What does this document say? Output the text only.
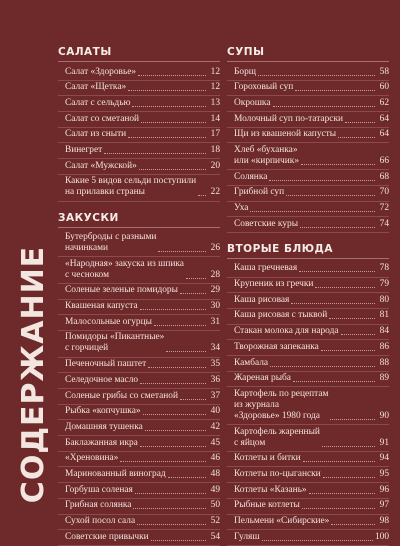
СОДЕРЖАНИЕ
САЛАТЫ
Салат «Здоровье»	12
Салат «Щетка»	12
Салат с сельдью	13
Салат со сметаной	14
Салат из сныти	17
Винегрет	18
Салат «Мужской»	20
Какие 5 видов сельди поступили
на прилавки страны	22
ЗАКУСКИ
Бутерброды с разными
начинками	26
«Народная» закуска из шпика
с чесноком	28
Соленые зеленые помидоры	29
Квашеная капуста	30
Малосольные огурцы	31
Помидоры «Пикантные»
с горчицей	34
Печеночный паштет	35
Селедочное масло	36
Соленые грибы со сметаной	37
Рыбка «копчушка»	40
Домашняя тушенка	42
Баклажанная икра	45
«Хреновина»	46
Маринованный виноград	48
Горбуша соленая	49
Грибная солянка	50
Сухой посол сала	52
Советские привычки	54
СУПЫ
Борщ	58
Гороховый суп	60
Окрошка	62
Молочный суп по-татарски	64
Щи из квашеной капусты	64
Хлеб «буханка»
или «кирпичик»	66
Солянка	68
Грибной суп	70
Уха	72
Советские куры	74
ВТОРЫЕ БЛЮДА
Каша гречневая	78
Крупеник из гречки	79
Каша рисовая	80
Каша рисовая с тыквой	81
Стакан молока для народа	84
Творожная запеканка	86
Камбала	88
Жареная рыба	89
Картофель по рецептам
из журнала
«Здоровье» 1980 года	90
Картофель жаренный
с яйцом	91
Котлеты и битки	94
Котлеты по-цыгански	95
Котлеты «Казань»	96
Рыбные котлеты	97
Пельмени «Сибирские»	98
Гуляш	100
